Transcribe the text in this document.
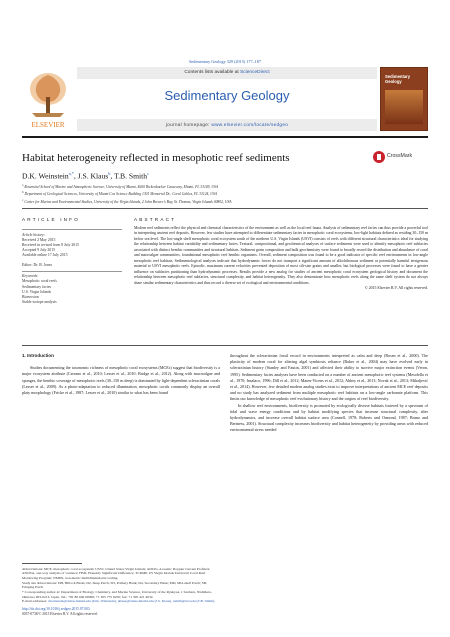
Sedimentary Geology 329 (2015) 177–187
ELSEVIER
Contents lists available at ScienceDirect
Sedimentary Geology
journal homepage: www.elsevier.com/locate/sedgeo
Sedimentary Geology
Habitat heterogeneity reflected in mesophotic reef sediments	CrossMark
D.K. Weinstein$^{a,*}$, J.S. Klaus$^b$, T.B. Smith$^c$
$^a$ Rosenstiel School of Marine and Atmospheric Science, University of Miami, 4600 Rickenbacker Causeway, Miami, FL 33149, USA
$^b$ Department of Geological Sciences, University of Miami Cox Science Building 1301 Memorial Dr., Coral Gables, FL 33124, USA
$^c$ Center for Marine and Environmental Studies, University of the Virgin Islands, 2 John Brewer's Bay, St. Thomas, Virgin Islands 00802, USA
ARTICLE INFO	ABSTRACT
Article history:
Received 2 May 2015
Received in revised form 8 July 2015
Accepted 9 July 2015
Available online 17 July 2015
Editor: Dr. B. Jones
Keywords:
Mesophotic coral reefs
Sedimentary facies
U.S. Virgin Islands
Bioerosion
Stable isotope analysis
Modern reef sediments reflect the physical and chemical characteristics of the environment as well as the local reef fauna. Analysis of sedimentary reef facies can thus provide a powerful tool in interpreting ancient reef deposits. However, few studies have attempted to differentiate sedimentary facies in mesophotic coral ecosystems, low-light habitats defined as residing 30–150 m below sea level. The low-angle shelf mesophotic coral ecosystem south of the northern U.S. Virgin Islands (USVI) consists of reefs with different structural characteristics ideal for studying the relationship between habitat variability and sedimentary facies. Textural, compositional, and geochemical analyses of surface sediments were used to identify mesophotic reef subfacies associated with distinct benthic communities and structural habitats. Sediment grain composition and bulk geochemistry were found to broadly record the distribution and abundance of coral and macroalgae communities, foundational mesophotic reef benthic organisms. Overall, sediment composition was found to be a good indicator of specific reef environments in low-angle mesophotic reef habitats. Sedimentological analyses indicate that hydrodynamic forces do not transport a significant amount of allochthonous sediment or potentially harmful terrigenous material to USVI mesophotic reefs. Episodic, maximum current velocities prevented deposition of most silt-size grains and smaller, but biological processes were found to have a greater influence on subfacies partitioning than hydrodynamic processes. Results provide a new analog for studies of ancient mesophotic coral ecosystem geological history and document the relationship between mesophotic reef subfacies, structural complexity, and habitat heterogeneity. They also demonstrate how mesophotic reefs along the same shelf system do not always share similar sedimentary characteristics and thus record a diverse set of ecological and environmental conditions.
© 2015 Elsevier B.V. All rights reserved.
1. Introduction

Studies documenting the taxonomic richness of mesophotic coral ecosystems (MCEs) suggest that biodiversity is a major ecosystem attribute (Cerrano et al., 2010; Lesser et al., 2010; Bridge et al., 2012). Along with macroalgae and sponges, the benthic coverage of mesophotic reefs (30–150 m deep) is dominated by light-dependent scleractinian corals (Lesser et al., 2009). As a photo-adaptation to reduced illumination, mesophotic corals commonly display an overall platy morphology (Fricke et al., 1987; Lesser et al., 2010) similar to what has been found

throughout the scleractinian fossil record in environments interpreted as calm and deep (Rosen et al., 2000). The plasticity of modern coral for altering algal symbiosis reliance (Baker et al., 2004) may have evolved early in scleractinian history (Stanley and Fautin, 2001) and affected their ability to survive major extinction events (Veron, 1995). Sedimentary facies analyses have been conducted on a number of ancient mesophotic reef systems (Mesolella et al., 1970; Insalaco, 1996; Dill et al., 2012; Mateu-Vicens et al., 2012; Abbey et al., 2013; Novak et al., 2013; Mihaljević et al., 2014). However, few detailed modern analog studies exist to improve interpretations of ancient MCE reef deposits and no study has analyzed sediment from multiple mesophotic reef habitats on a low-angle carbonate platform. This limits our knowledge of mesophotic reef evolutionary history and the origins of reef biodiversity.

In shallow reef environments, biodiversity is promoted by ecologically diverse habitats fostered by a spectrum of tidal and wave energy conditions and by habitat modifying species that increase structural complexity, alter hydrodynamics, and increase overall habitat surface area (Connell, 1978; Roberts and Ormond, 1987; Bruno and Bertness, 2001). Structural complexity increases biodiversity and habitat heterogeneity by providing areas with reduced environmental stress needed

Abbreviations: MCE, mesophotic coral ecosystem; USVI, United States Virgin Islands; ADCPs, Acoustic Doppler Current Profilers; ANOVA, one-way analysis of variance; HSD, Honestly Significant Difference; TCRMP, US Virgin Islands Territorial Coral Reef Monitoring Program; NMDS, non-metric multidimensional scaling.
Study site abbreviations: DH, Hillock Basin; D2, Deep Patch; D3, Primary Bank; D4, Secondary Bank; MD, Mid-shelf Patch; SB, Fringing Patch.
* Corresponding author at: Department of Biology, Chemistry, and Marine Science, University of the Ryukyus, 1 Senbaru, Nishihara, Okinawa 903-0213, Japan. Tel.: +81 80 646 60096; +1 305 775 6250; fax: +1 305 421 4632.
E-mail addresses: dweinstein@rsmas.miami.edu (D.K. Weinstein), jklaus@rsmas.miami.edu (J.S. Klaus), tsmith@uvi.edu (T.B. Smith).
http://dx.doi.org/10.1016/j.sedgeo.2015.07.003
0037-0738/© 2015 Elsevier B.V. All rights reserved.
